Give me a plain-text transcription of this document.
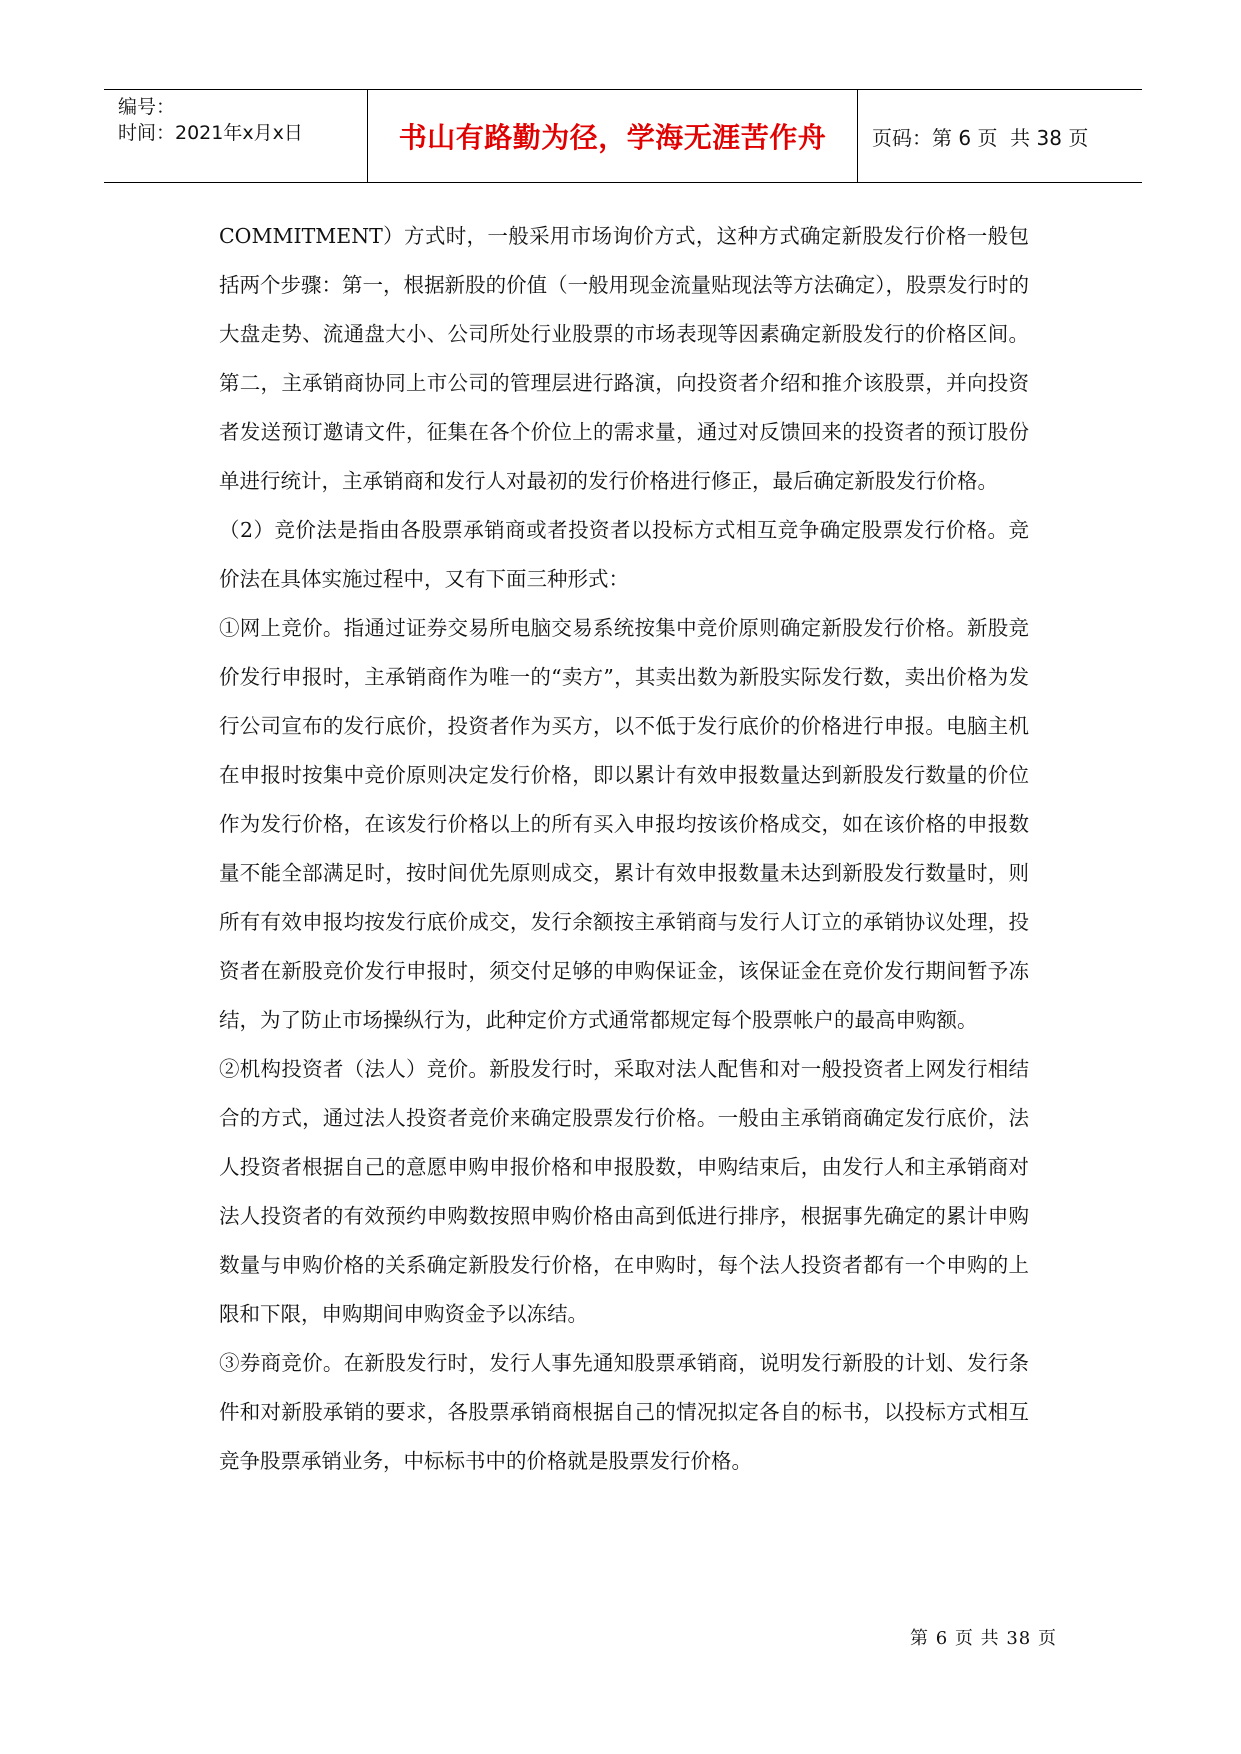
编号：
时间：2021年x月x日	书山有路勤为径，学海无涯苦作舟 页码：第 6 页  共 38 页

COMMITMENT）方式时，一般采用市场询价方式，这种方式确定新股发行价格一般包括两个步骤：第一，根据新股的价值（一般用现金流量贴现法等方法确定），股票发行时的大盘走势、流通盘大小、公司所处行业股票的市场表现等因素确定新股发行的价格区间。第二，主承销商协同上市公司的管理层进行路演，向投资者介绍和推介该股票，并向投资者发送预订邀请文件，征集在各个价位上的需求量，通过对反馈回来的投资者的预订股份单进行统计，主承销商和发行人对最初的发行价格进行修正，最后确定新股发行价格。

（2）竞价法是指由各股票承销商或者投资者以投标方式相互竞争确定股票发行价格。竞价法在具体实施过程中，又有下面三种形式：

①网上竞价。指通过证券交易所电脑交易系统按集中竞价原则确定新股发行价格。新股竞价发行申报时，主承销商作为唯一的“卖方”，其卖出数为新股实际发行数，卖出价格为发行公司宣布的发行底价，投资者作为买方，以不低于发行底价的价格进行申报。电脑主机在申报时按集中竞价原则决定发行价格，即以累计有效申报数量达到新股发行数量的价位作为发行价格，在该发行价格以上的所有买入申报均按该价格成交，如在该价格的申报数量不能全部满足时，按时间优先原则成交，累计有效申报数量未达到新股发行数量时，则所有有效申报均按发行底价成交，发行余额按主承销商与发行人订立的承销协议处理，投资者在新股竞价发行申报时，须交付足够的申购保证金，该保证金在竞价发行期间暂予冻结，为了防止市场操纵行为，此种定价方式通常都规定每个股票帐户的最高申购额。

②机构投资者（法人）竞价。新股发行时，采取对法人配售和对一般投资者上网发行相结合的方式，通过法人投资者竞价来确定股票发行价格。一般由主承销商确定发行底价，法人投资者根据自己的意愿申购申报价格和申报股数，申购结束后，由发行人和主承销商对法人投资者的有效预约申购数按照申购价格由高到低进行排序，根据事先确定的累计申购数量与申购价格的关系确定新股发行价格，在申购时，每个法人投资者都有一个申购的上限和下限，申购期间申购资金予以冻结。

③券商竞价。在新股发行时，发行人事先通知股票承销商，说明发行新股的计划、发行条件和对新股承销的要求，各股票承销商根据自己的情况拟定各自的标书，以投标方式相互竞争股票承销业务，中标标书中的价格就是股票发行价格。

第 6 页 共 38 页
